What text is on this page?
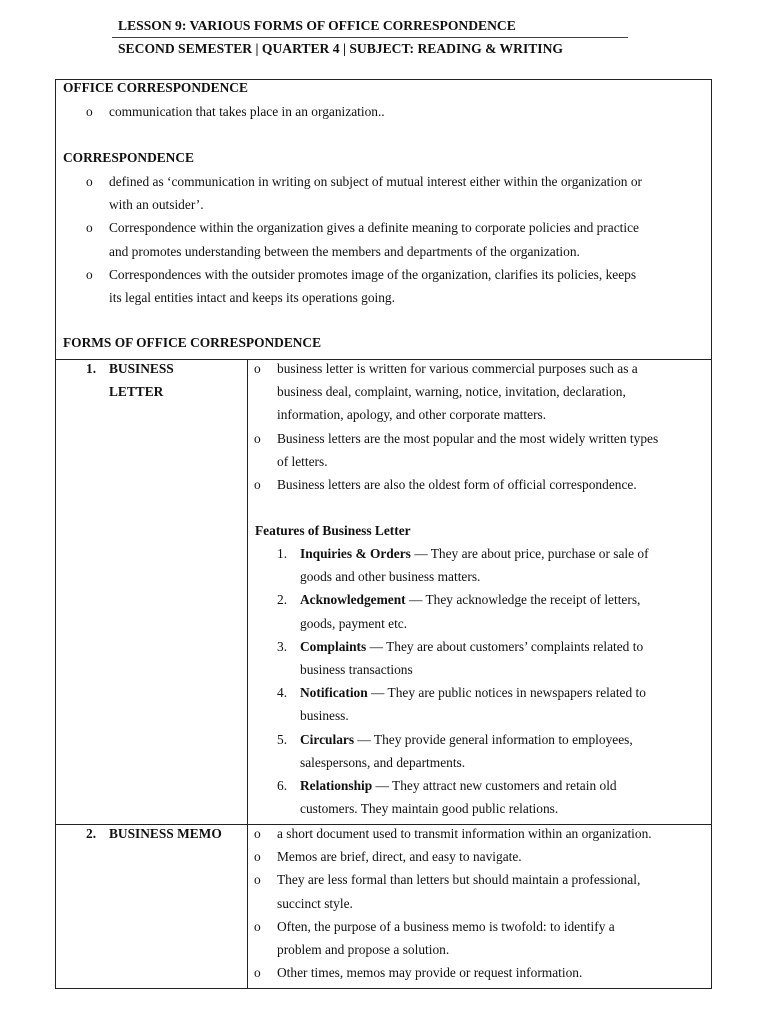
LESSON 9: VARIOUS FORMS OF OFFICE CORRESPONDENCE
SECOND SEMESTER | QUARTER 4 | SUBJECT: READING & WRITING
OFFICE CORRESPONDENCE
o communication that takes place in an organization..
CORRESPONDENCE
o defined as ‘communication in writing on subject of mutual interest either within the organization or
with an outsider’.
o Correspondence within the organization gives a definite meaning to corporate policies and practice
and promotes understanding between the members and departments of the organization.
o Correspondences with the outsider promotes image of the organization, clarifies its policies, keeps
its legal entities intact and keeps its operations going.
FORMS OF OFFICE CORRESPONDENCE
1. BUSINESS
LETTER
o business letter is written for various commercial purposes such as a
business deal, complaint, warning, notice, invitation, declaration,
information, apology, and other corporate matters.
o Business letters are the most popular and the most widely written types
of letters.
o Business letters are also the oldest form of official correspondence.
Features of Business Letter
1. Inquiries & Orders — They are about price, purchase or sale of
goods and other business matters.
2. Acknowledgement — They acknowledge the receipt of letters,
goods, payment etc.
3. Complaints — They are about customers’ complaints related to
business transactions
4. Notification — They are public notices in newspapers related to
business.
5. Circulars — They provide general information to employees,
salespersons, and departments.
6. Relationship — They attract new customers and retain old
customers. They maintain good public relations.
2. BUSINESS MEMO o a short document used to transmit information within an organization.
o Memos are brief, direct, and easy to navigate.
o They are less formal than letters but should maintain a professional,
succinct style.
o Often, the purpose of a business memo is twofold: to identify a
problem and propose a solution.
o Other times, memos may provide or request information.
